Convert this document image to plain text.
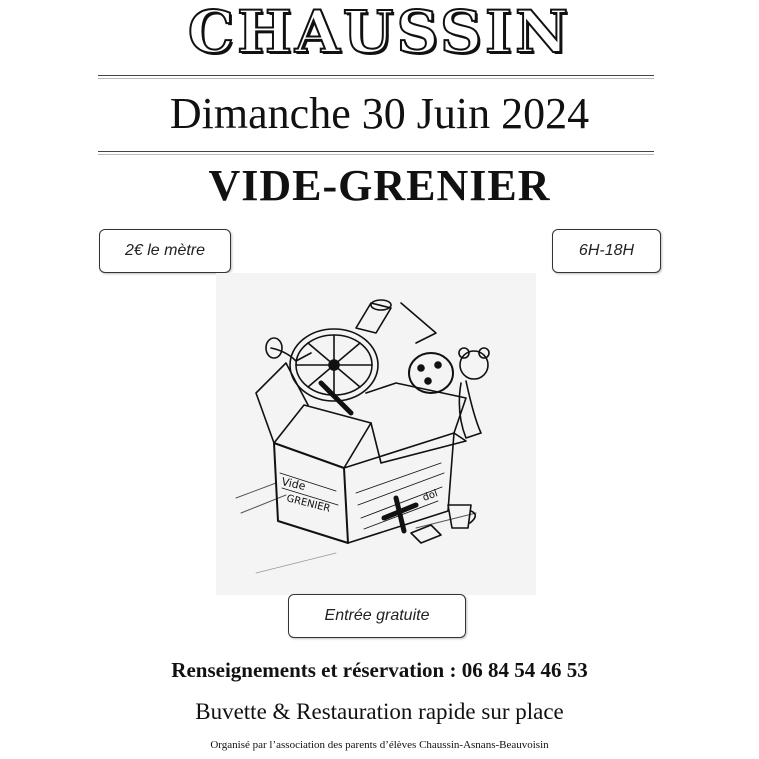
CHAUSSIN
Dimanche 30 Juin 2024
VIDE-GRENIER
2€ le mètre	6H-18H
Vide
GRENIER	dol
Entrée gratuite
Renseignements et réservation : 06 84 54 46 53
Buvette & Restauration rapide sur place
Organisé par l’association des parents d’élèves Chaussin-Asnans-Beauvoisin
